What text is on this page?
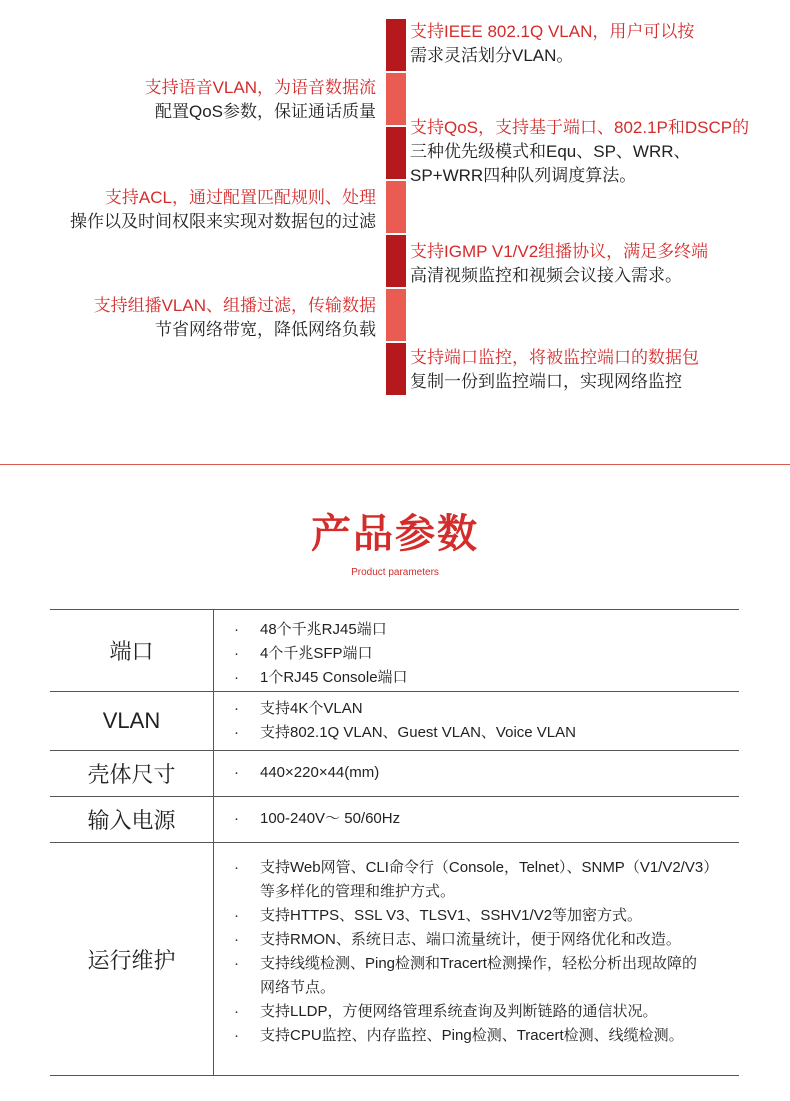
支持IEEE 802.1Q VLAN，用户可以按
需求灵活划分VLAN。
支持语音VLAN，为语音数据流
配置QoS参数，保证通话质量
支持QoS，支持基于端口、802.1P和DSCP的
三种优先级模式和Equ、SP、WRR、
SP+WRR四种队列调度算法。
支持ACL，通过配置匹配规则、处理
操作以及时间权限来实现对数据包的过滤
支持IGMP V1/V2组播协议，满足多终端
高清视频监控和视频会议接入需求。
支持组播VLAN、组播过滤，传输数据
节省网络带宽，降低网络负载
支持端口监控，将被监控端口的数据包
复制一份到监控端口，实现网络监控
产品参数
Product parameters
端口
·	48个千兆RJ45端口
·	4个千兆SFP端口
·	1个RJ45 Console端口
VLAN	·	支持4K个VLAN
·	支持802.1Q VLAN、Guest VLAN、Voice VLAN
壳体尺寸	·	440×220×44(mm)
输入电源	·	100-240V～ 50/60Hz
运行维护
·	支持Web网管、CLI命令行（Console，Telnet）、SNMP（V1/V2/V3）
等多样化的管理和维护方式。
·	支持HTTPS、SSL V3、TLSV1、SSHV1/V2等加密方式。
·	支持RMON、系统日志、端口流量统计，便于网络优化和改造。
·	支持线缆检测、Ping检测和Tracert检测操作，轻松分析出现故障的
网络节点。
·	支持LLDP，方便网络管理系统查询及判断链路的通信状况。
·	支持CPU监控、内存监控、Ping检测、Tracert检测、线缆检测。
